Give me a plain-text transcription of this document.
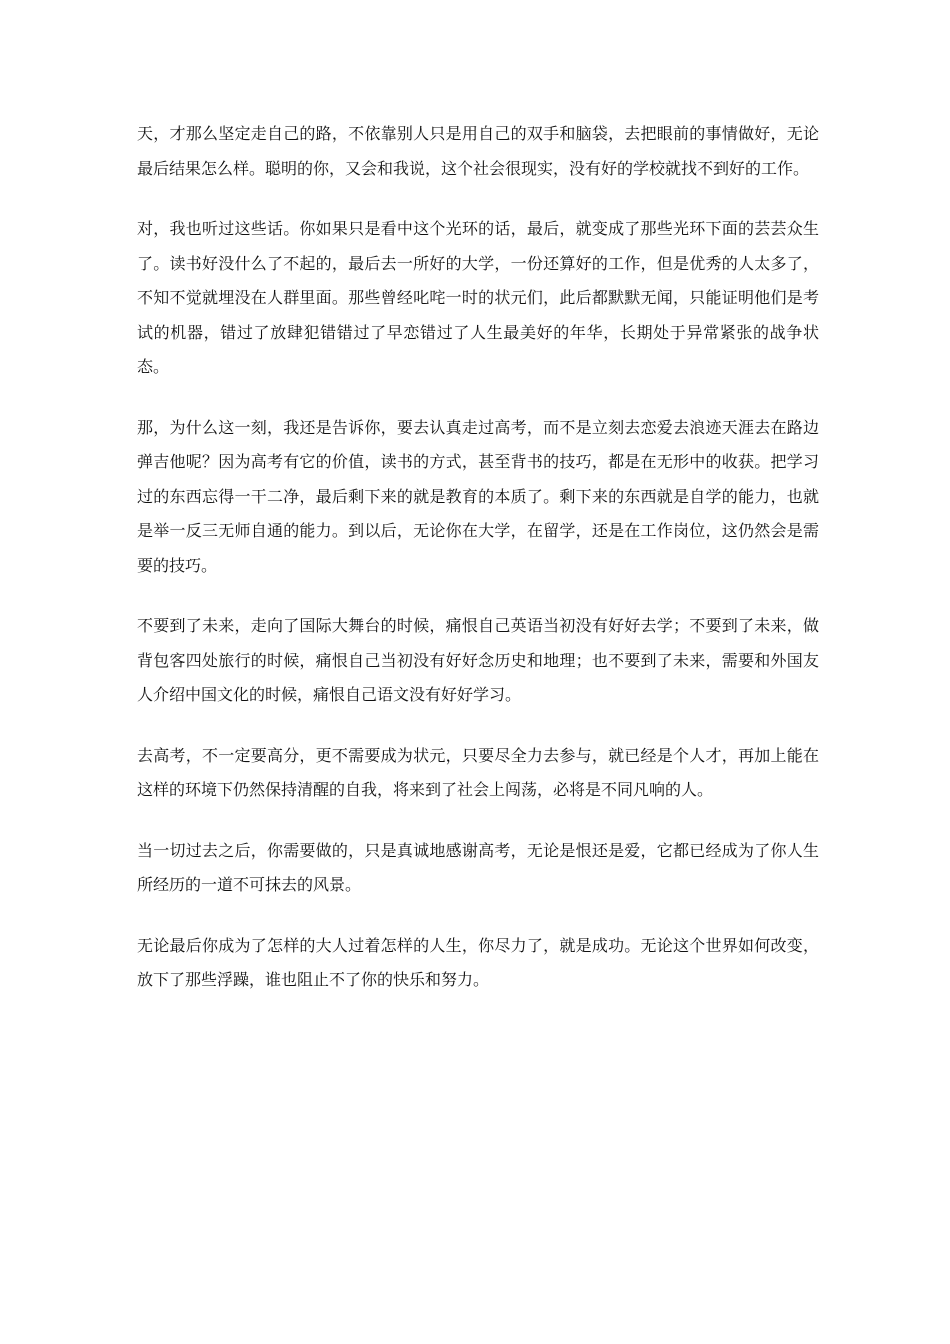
天，才那么坚定走自己的路，不依靠别人只是用自己的双手和脑袋，去把眼前的事情做好，无论最后结果怎么样。聪明的你，又会和我说，这个社会很现实，没有好的学校就找不到好的工作。

对，我也听过这些话。你如果只是看中这个光环的话，最后，就变成了那些光环下面的芸芸众生了。读书好没什么了不起的，最后去一所好的大学，一份还算好的工作，但是优秀的人太多了，不知不觉就埋没在人群里面。那些曾经叱咤一时的状元们，此后都默默无闻，只能证明他们是考试的机器，错过了放肆犯错错过了早恋错过了人生最美好的年华，长期处于异常紧张的战争状态。

那，为什么这一刻，我还是告诉你，要去认真走过高考，而不是立刻去恋爱去浪迹天涯去在路边弹吉他呢？因为高考有它的价值，读书的方式，甚至背书的技巧，都是在无形中的收获。把学习过的东西忘得一干二净，最后剩下来的就是教育的本质了。剩下来的东西就是自学的能力，也就是举一反三无师自通的能力。到以后，无论你在大学，在留学，还是在工作岗位，这仍然会是需要的技巧。

不要到了未来，走向了国际大舞台的时候，痛恨自己英语当初没有好好去学；不要到了未来，做背包客四处旅行的时候，痛恨自己当初没有好好念历史和地理；也不要到了未来，需要和外国友人介绍中国文化的时候，痛恨自己语文没有好好学习。

去高考，不一定要高分，更不需要成为状元，只要尽全力去参与，就已经是个人才，再加上能在这样的环境下仍然保持清醒的自我，将来到了社会上闯荡，必将是不同凡响的人。

当一切过去之后，你需要做的，只是真诚地感谢高考，无论是恨还是爱，它都已经成为了你人生所经历的一道不可抹去的风景。

无论最后你成为了怎样的大人过着怎样的人生，你尽力了，就是成功。无论这个世界如何改变，放下了那些浮躁，谁也阻止不了你的快乐和努力。
